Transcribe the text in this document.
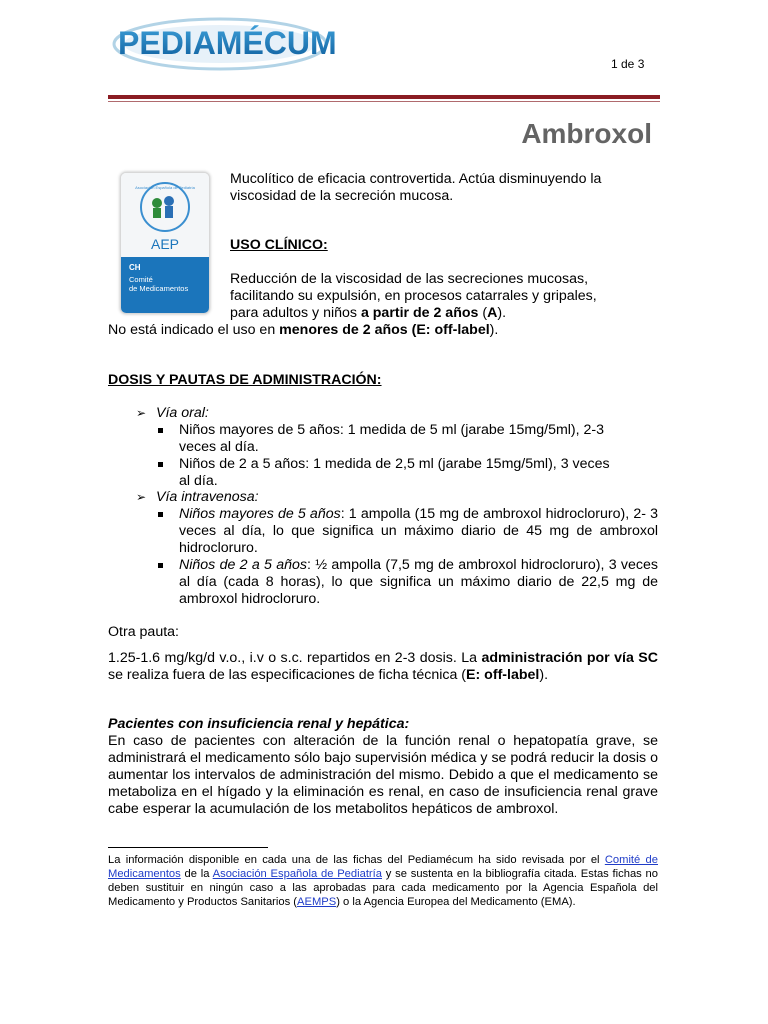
PEDIAMÉCUM
1 de 3
Ambroxol
Asociación Española de Pediatría
AEP
CH
Comité
de Medicamentos
Mucolítico de eficacia controvertida. Actúa disminuyendo la
viscosidad de la secreción mucosa.
USO CLÍNICO:
Reducción de la viscosidad de las secreciones mucosas,
facilitando su expulsión, en procesos catarrales y gripales,
para adultos y niños a partir de 2 años (A).
No está indicado el uso en menores de 2 años (E: off-label).
DOSIS Y PAUTAS DE ADMINISTRACIÓN:
➢ Vía oral:
Niños mayores de 5 años: 1 medida de 5 ml (jarabe 15mg/5ml), 2-3
veces al día.
Niños de 2 a 5 años: 1 medida de 2,5 ml (jarabe 15mg/5ml), 3 veces
al día.
➢ Vía intravenosa:
Niños mayores de 5 años: 1 ampolla (15 mg de ambroxol hidrocloruro), 2- 3 veces al día, lo que significa un máximo diario de 45 mg de ambroxol hidrocloruro.
Niños de 2 a 5 años: ½ ampolla (7,5 mg de ambroxol hidrocloruro), 3 veces al día (cada 8 horas), lo que significa un máximo diario de 22,5 mg de ambroxol hidrocloruro.
Otra pauta:
1.25-1.6 mg/kg/d v.o., i.v o s.c. repartidos en 2-3 dosis. La administración por vía SC se realiza fuera de las especificaciones de ficha técnica (E: off-label).
Pacientes con insuficiencia renal y hepática:
En caso de pacientes con alteración de la función renal o hepatopatía grave, se administrará el medicamento sólo bajo supervisión médica y se podrá reducir la dosis o aumentar los intervalos de administración del mismo. Debido a que el medicamento se metaboliza en el hígado y la eliminación es renal, en caso de insuficiencia renal grave cabe esperar la acumulación de los metabolitos hepáticos de ambroxol.
La información disponible en cada una de las fichas del Pediamécum ha sido revisada por el Comité de Medicamentos de la Asociación Española de Pediatría y se sustenta en la bibliografía citada. Estas fichas no deben sustituir en ningún caso a las aprobadas para cada medicamento por la Agencia Española del Medicamento y Productos Sanitarios (AEMPS) o la Agencia Europea del Medicamento (EMA).
